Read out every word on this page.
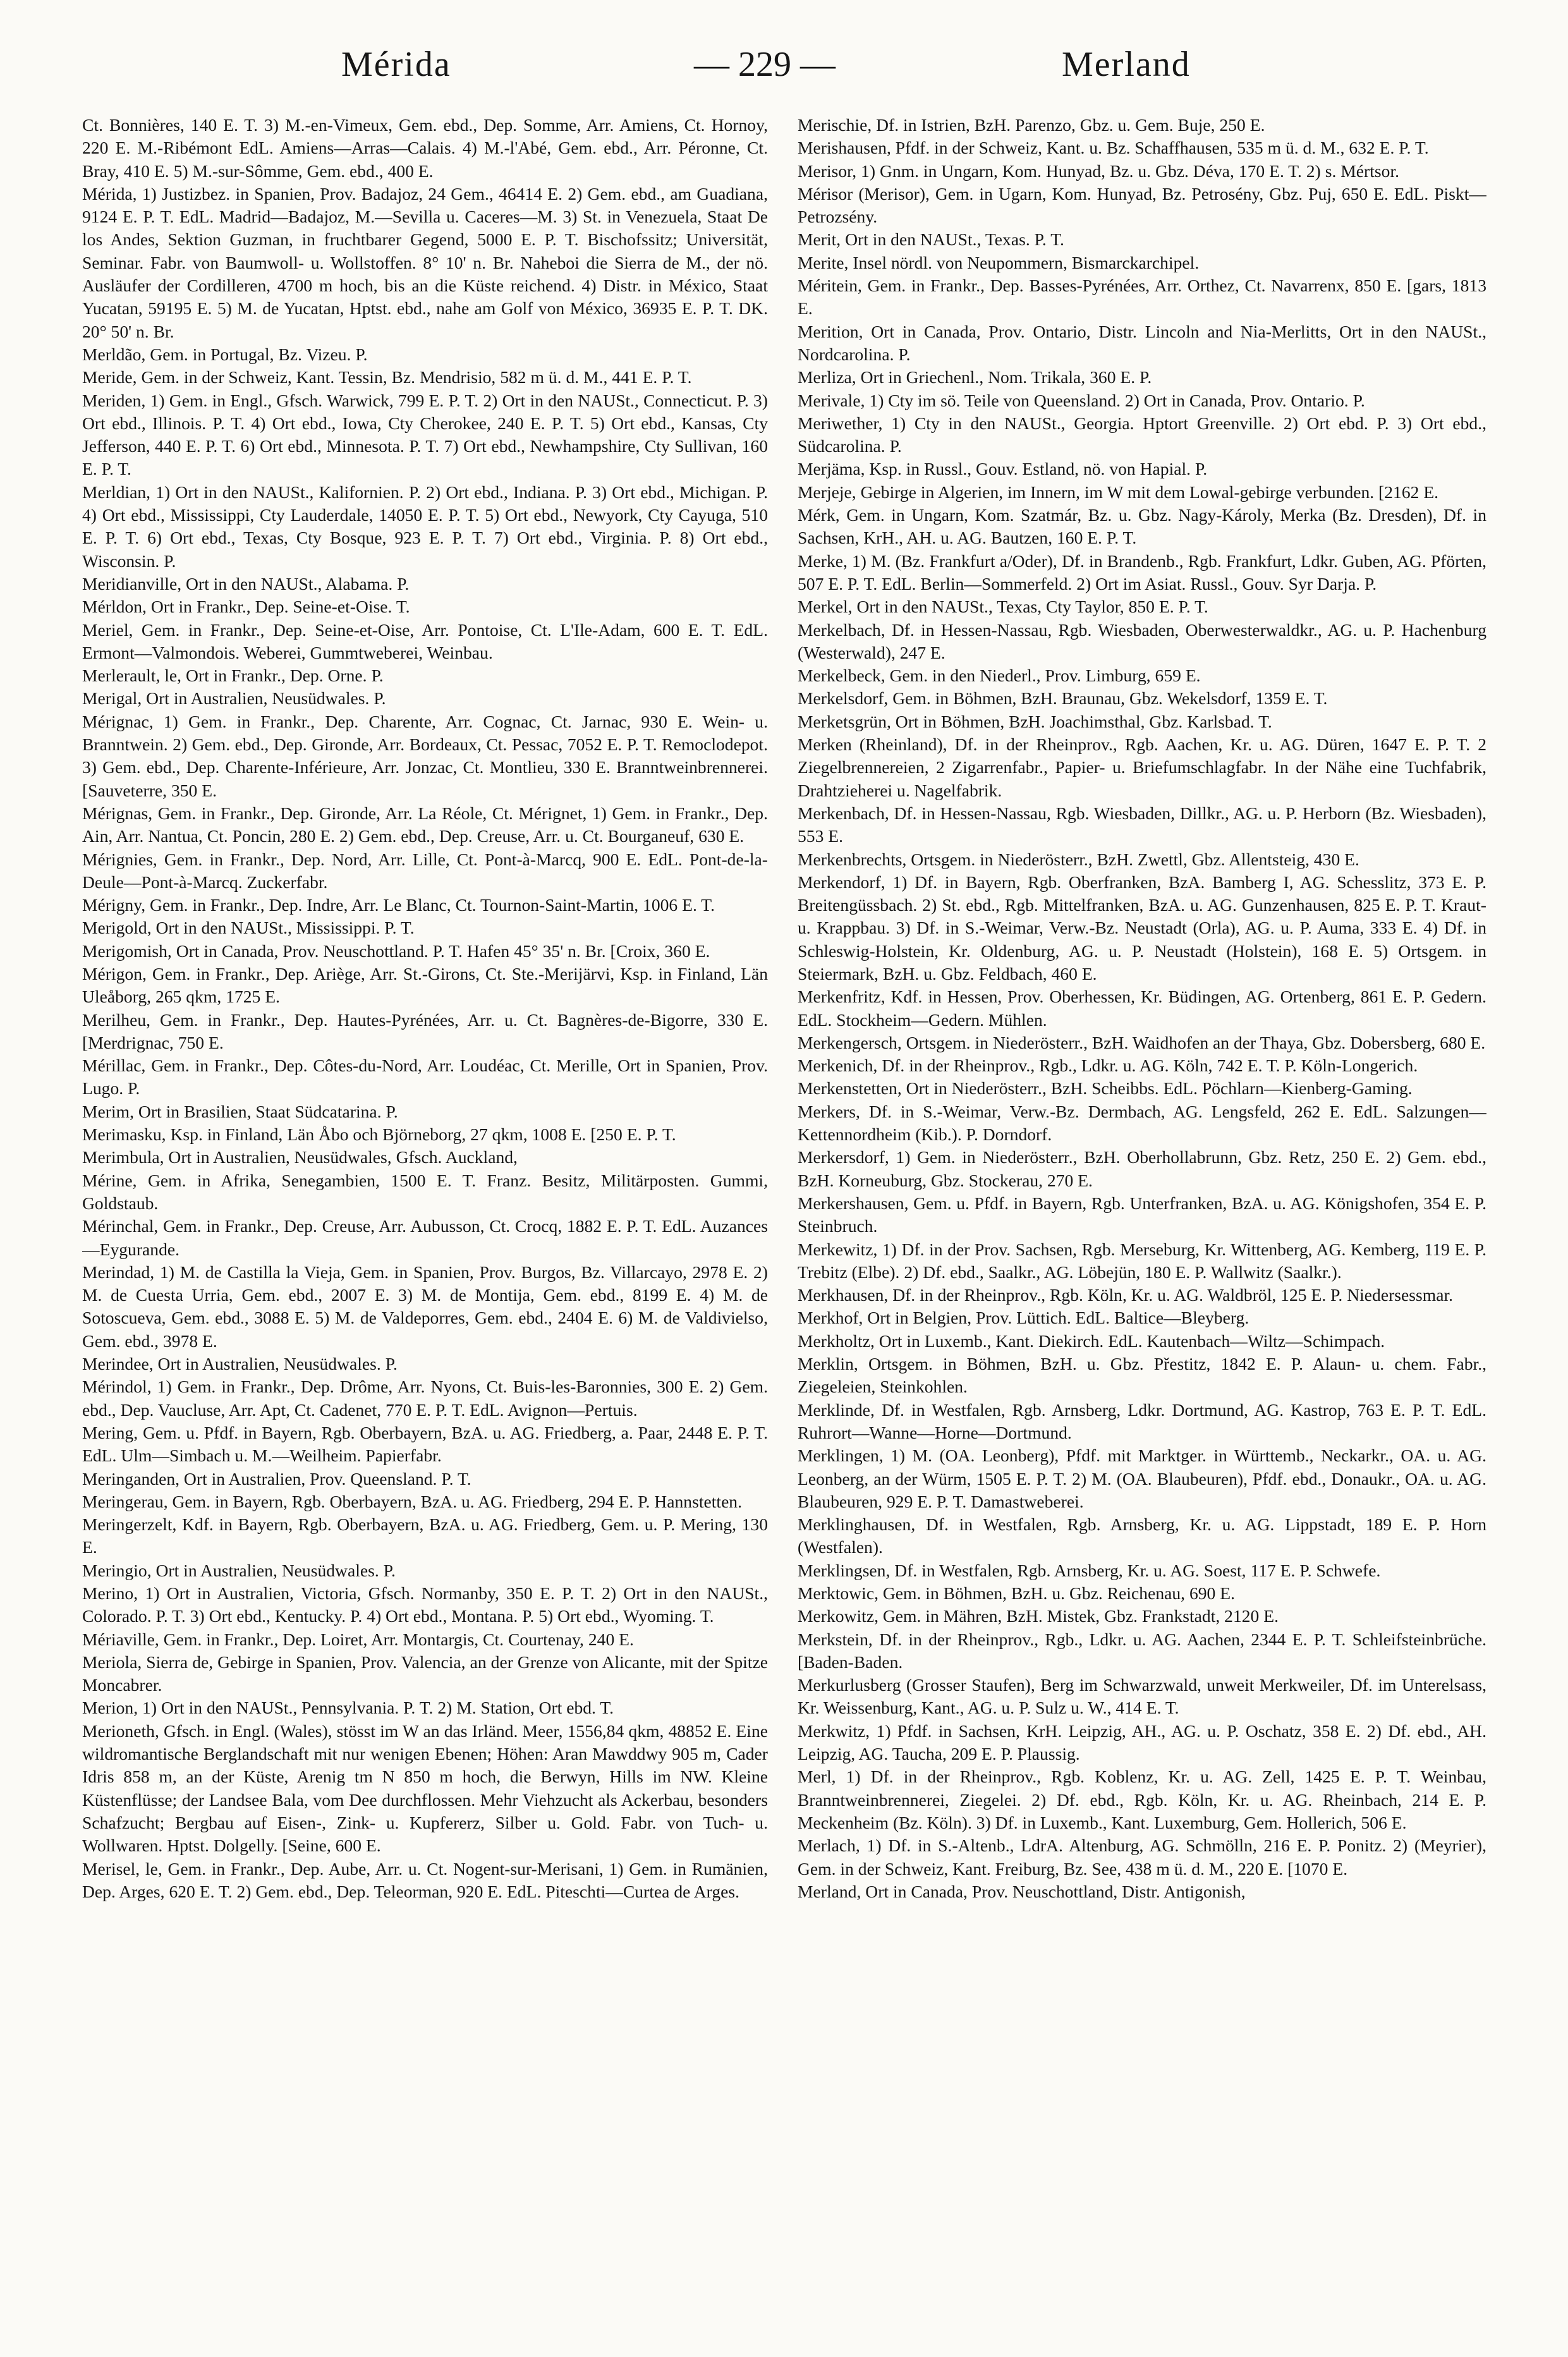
Mérida	— 229 —	Merland

Ct. Bonnières, 140 E. T. 3) M.-en-Vimeux, Gem. ebd., Dep. Somme, Arr. Amiens, Ct. Hornoy, 220 E. M.-Ribémont EdL. Amiens—Arras—Calais. 4) M.-l'Abé, Gem. ebd., Arr. Péronne, Ct. Bray, 410 E. 5) M.-sur-Sômme, Gem. ebd., 400 E.

Mérida, 1) Justizbez. in Spanien, Prov. Badajoz, 24 Gem., 46414 E. 2) Gem. ebd., am Guadiana, 9124 E. P. T. EdL. Madrid—Badajoz, M.—Sevilla u. Caceres—M. 3) St. in Venezuela, Staat De los Andes, Sektion Guzman, in fruchtbarer Gegend, 5000 E. P. T. Bischofssitz; Universität, Seminar. Fabr. von Baumwoll- u. Wollstoffen. 8° 10' n. Br. Naheboi die Sierra de M., der nö. Ausläufer der Cordilleren, 4700 m hoch, bis an die Küste reichend. 4) Distr. in México, Staat Yucatan, 59195 E. 5) M. de Yucatan, Hptst. ebd., nahe am Golf von México, 36935 E. P. T. DK. 20° 50' n. Br.

Merldão, Gem. in Portugal, Bz. Vizeu. P.

Meride, Gem. in der Schweiz, Kant. Tessin, Bz. Mendrisio, 582 m ü. d. M., 441 E. P. T.

Meriden, 1) Gem. in Engl., Gfsch. Warwick, 799 E. P. T. 2) Ort in den NAUSt., Connecticut. P. 3) Ort ebd., Illinois. P. T. 4) Ort ebd., Iowa, Cty Cherokee, 240 E. P. T. 5) Ort ebd., Kansas, Cty Jefferson, 440 E. P. T. 6) Ort ebd., Minnesota. P. T. 7) Ort ebd., Newhampshire, Cty Sullivan, 160 E. P. T.

Merldian, 1) Ort in den NAUSt., Kalifornien. P. 2) Ort ebd., Indiana. P. 3) Ort ebd., Michigan. P. 4) Ort ebd., Mississippi, Cty Lauderdale, 14050 E. P. T. 5) Ort ebd., Newyork, Cty Cayuga, 510 E. P. T. 6) Ort ebd., Texas, Cty Bosque, 923 E. P. T. 7) Ort ebd., Virginia. P. 8) Ort ebd., Wisconsin. P.

Meridianville, Ort in den NAUSt., Alabama. P.

Mérldon, Ort in Frankr., Dep. Seine-et-Oise. T.

Meriel, Gem. in Frankr., Dep. Seine-et-Oise, Arr. Pontoise, Ct. L'Ile-Adam, 600 E. T. EdL. Ermont—Valmondois. Weberei, Gummtweberei, Weinbau.

Merlerault, le, Ort in Frankr., Dep. Orne. P.

Merigal, Ort in Australien, Neusüdwales. P.

Mérignac, 1) Gem. in Frankr., Dep. Charente, Arr. Cognac, Ct. Jarnac, 930 E. Wein- u. Branntwein. 2) Gem. ebd., Dep. Gironde, Arr. Bordeaux, Ct. Pessac, 7052 E. P. T. Remoclodepot. 3) Gem. ebd., Dep. Charente-Inférieure, Arr. Jonzac, Ct. Montlieu, 330 E. Branntweinbrennerei. [Sauveterre, 350 E.

Mérignas, Gem. in Frankr., Dep. Gironde, Arr. La Réole, Ct. Mérignet, 1) Gem. in Frankr., Dep. Ain, Arr. Nantua, Ct. Poncin, 280 E. 2) Gem. ebd., Dep. Creuse, Arr. u. Ct. Bourganeuf, 630 E.

Mérignies, Gem. in Frankr., Dep. Nord, Arr. Lille, Ct. Pont-à-Marcq, 900 E. EdL. Pont-de-la-Deule—Pont-à-Marcq. Zuckerfabr.

Mérigny, Gem. in Frankr., Dep. Indre, Arr. Le Blanc, Ct. Tournon-Saint-Martin, 1006 E. T.

Merigold, Ort in den NAUSt., Mississippi. P. T.

Merigomish, Ort in Canada, Prov. Neuschottland. P. T. Hafen 45° 35' n. Br. [Croix, 360 E.

Mérigon, Gem. in Frankr., Dep. Ariège, Arr. St.-Girons, Ct. Ste.-Merijärvi, Ksp. in Finland, Län Uleåborg, 265 qkm, 1725 E.

Merilheu, Gem. in Frankr., Dep. Hautes-Pyrénées, Arr. u. Ct. Bagnères-de-Bigorre, 330 E. [Merdrignac, 750 E.

Mérillac, Gem. in Frankr., Dep. Côtes-du-Nord, Arr. Loudéac, Ct. Merille, Ort in Spanien, Prov. Lugo. P.

Merim, Ort in Brasilien, Staat Südcatarina. P.

Merimasku, Ksp. in Finland, Län Åbo och Björneborg, 27 qkm, 1008 E. [250 E. P. T.

Merimbula, Ort in Australien, Neusüdwales, Gfsch. Auckland,

Mérine, Gem. in Afrika, Senegambien, 1500 E. T. Franz. Besitz, Militärposten. Gummi, Goldstaub.

Mérinchal, Gem. in Frankr., Dep. Creuse, Arr. Aubusson, Ct. Crocq, 1882 E. P. T. EdL. Auzances—Eygurande.

Merindad, 1) M. de Castilla la Vieja, Gem. in Spanien, Prov. Burgos, Bz. Villarcayo, 2978 E. 2) M. de Cuesta Urria, Gem. ebd., 2007 E. 3) M. de Montija, Gem. ebd., 8199 E. 4) M. de Sotoscueva, Gem. ebd., 3088 E. 5) M. de Valdeporres, Gem. ebd., 2404 E. 6) M. de Valdivielso, Gem. ebd., 3978 E.

Merindee, Ort in Australien, Neusüdwales. P.

Mérindol, 1) Gem. in Frankr., Dep. Drôme, Arr. Nyons, Ct. Buis-les-Baronnies, 300 E. 2) Gem. ebd., Dep. Vaucluse, Arr. Apt, Ct. Cadenet, 770 E. P. T. EdL. Avignon—Pertuis.

Mering, Gem. u. Pfdf. in Bayern, Rgb. Oberbayern, BzA. u. AG. Friedberg, a. Paar, 2448 E. P. T. EdL. Ulm—Simbach u. M.—Weilheim. Papierfabr.

Meringanden, Ort in Australien, Prov. Queensland. P. T.

Meringerau, Gem. in Bayern, Rgb. Oberbayern, BzA. u. AG. Friedberg, 294 E. P. Hannstetten.

Meringerzelt, Kdf. in Bayern, Rgb. Oberbayern, BzA. u. AG. Friedberg, Gem. u. P. Mering, 130 E.

Meringio, Ort in Australien, Neusüdwales. P.

Merino, 1) Ort in Australien, Victoria, Gfsch. Normanby, 350 E. P. T. 2) Ort in den NAUSt., Colorado. P. T. 3) Ort ebd., Kentucky. P. 4) Ort ebd., Montana. P. 5) Ort ebd., Wyoming. T.

Mériaville, Gem. in Frankr., Dep. Loiret, Arr. Montargis, Ct. Courtenay, 240 E.

Meriola, Sierra de, Gebirge in Spanien, Prov. Valencia, an der Grenze von Alicante, mit der Spitze Moncabrer.

Merion, 1) Ort in den NAUSt., Pennsylvania. P. T. 2) M. Station, Ort ebd. T.

Merioneth, Gfsch. in Engl. (Wales), stösst im W an das Irländ. Meer, 1556,84 qkm, 48852 E. Eine wildromantische Berglandschaft mit nur wenigen Ebenen; Höhen: Aran Mawddwy 905 m, Cader Idris 858 m, an der Küste, Arenig tm N 850 m hoch, die Berwyn, Hills im NW. Kleine Küstenflüsse; der Landsee Bala, vom Dee durchflossen. Mehr Viehzucht als Ackerbau, besonders Schafzucht; Bergbau auf Eisen-, Zink- u. Kupfererz, Silber u. Gold. Fabr. von Tuch- u. Wollwaren. Hptst. Dolgelly. [Seine, 600 E.

Merisel, le, Gem. in Frankr., Dep. Aube, Arr. u. Ct. Nogent-sur-Merisani, 1) Gem. in Rumänien, Dep. Arges, 620 E. T. 2) Gem. ebd., Dep. Teleorman, 920 E. EdL. Piteschti—Curtea de Arges.

Merischie, Df. in Istrien, BzH. Parenzo, Gbz. u. Gem. Buje, 250 E.

Merishausen, Pfdf. in der Schweiz, Kant. u. Bz. Schaffhausen, 535 m ü. d. M., 632 E. P. T.

Merisor, 1) Gnm. in Ungarn, Kom. Hunyad, Bz. u. Gbz. Déva, 170 E. T. 2) s. Mértsor.

Mérisor (Merisor), Gem. in Ugarn, Kom. Hunyad, Bz. Petrosény, Gbz. Puj, 650 E. EdL. Piskt—Petrozsény.

Merit, Ort in den NAUSt., Texas. P. T.

Merite, Insel nördl. von Neupommern, Bismarckarchipel.

Méritein, Gem. in Frankr., Dep. Basses-Pyrénées, Arr. Orthez, Ct. Navarrenx, 850 E. [gars, 1813 E.

Merition, Ort in Canada, Prov. Ontario, Distr. Lincoln and Nia-Merlitts, Ort in den NAUSt., Nordcarolina. P.

Merliza, Ort in Griechenl., Nom. Trikala, 360 E. P.

Merivale, 1) Cty im sö. Teile von Queensland. 2) Ort in Canada, Prov. Ontario. P.

Meriwether, 1) Cty in den NAUSt., Georgia. Hptort Greenville. 2) Ort ebd. P. 3) Ort ebd., Südcarolina. P.

Merjäma, Ksp. in Russl., Gouv. Estland, nö. von Hapial. P.

Merjeje, Gebirge in Algerien, im Innern, im W mit dem Lowal-gebirge verbunden. [2162 E.

Mérk, Gem. in Ungarn, Kom. Szatmár, Bz. u. Gbz. Nagy-Károly, Merka (Bz. Dresden), Df. in Sachsen, KrH., AH. u. AG. Bautzen, 160 E. P. T.

Merke, 1) M. (Bz. Frankfurt a/Oder), Df. in Brandenb., Rgb. Frankfurt, Ldkr. Guben, AG. Pförten, 507 E. P. T. EdL. Berlin—Sommerfeld. 2) Ort im Asiat. Russl., Gouv. Syr Darja. P.

Merkel, Ort in den NAUSt., Texas, Cty Taylor, 850 E. P. T.

Merkelbach, Df. in Hessen-Nassau, Rgb. Wiesbaden, Oberwesterwaldkr., AG. u. P. Hachenburg (Westerwald), 247 E.

Merkelbeck, Gem. in den Niederl., Prov. Limburg, 659 E.

Merkelsdorf, Gem. in Böhmen, BzH. Braunau, Gbz. Wekelsdorf, 1359 E. T.

Merketsgrün, Ort in Böhmen, BzH. Joachimsthal, Gbz. Karlsbad. T.

Merken (Rheinland), Df. in der Rheinprov., Rgb. Aachen, Kr. u. AG. Düren, 1647 E. P. T. 2 Ziegelbrennereien, 2 Zigarrenfabr., Papier- u. Briefumschlagfabr. In der Nähe eine Tuchfabrik, Drahtzieherei u. Nagelfabrik.

Merkenbach, Df. in Hessen-Nassau, Rgb. Wiesbaden, Dillkr., AG. u. P. Herborn (Bz. Wiesbaden), 553 E.

Merkenbrechts, Ortsgem. in Niederösterr., BzH. Zwettl, Gbz. Allentsteig, 430 E.

Merkendorf, 1) Df. in Bayern, Rgb. Oberfranken, BzA. Bamberg I, AG. Schesslitz, 373 E. P. Breitengüssbach. 2) St. ebd., Rgb. Mittelfranken, BzA. u. AG. Gunzenhausen, 825 E. P. T. Kraut- u. Krappbau. 3) Df. in S.-Weimar, Verw.-Bz. Neustadt (Orla), AG. u. P. Auma, 333 E. 4) Df. in Schleswig-Holstein, Kr. Oldenburg, AG. u. P. Neustadt (Holstein), 168 E. 5) Ortsgem. in Steiermark, BzH. u. Gbz. Feldbach, 460 E.

Merkenfritz, Kdf. in Hessen, Prov. Oberhessen, Kr. Büdingen, AG. Ortenberg, 861 E. P. Gedern. EdL. Stockheim—Gedern. Mühlen.

Merkengersch, Ortsgem. in Niederösterr., BzH. Waidhofen an der Thaya, Gbz. Dobersberg, 680 E.

Merkenich, Df. in der Rheinprov., Rgb., Ldkr. u. AG. Köln, 742 E. T. P. Köln-Longerich.

Merkenstetten, Ort in Niederösterr., BzH. Scheibbs. EdL. Pöchlarn—Kienberg-Gaming.

Merkers, Df. in S.-Weimar, Verw.-Bz. Dermbach, AG. Lengsfeld, 262 E. EdL. Salzungen—Kettennordheim (Kib.). P. Dorndorf.

Merkersdorf, 1) Gem. in Niederösterr., BzH. Oberhollabrunn, Gbz. Retz, 250 E. 2) Gem. ebd., BzH. Korneuburg, Gbz. Stockerau, 270 E.

Merkershausen, Gem. u. Pfdf. in Bayern, Rgb. Unterfranken, BzA. u. AG. Königshofen, 354 E. P. Steinbruch.

Merkewitz, 1) Df. in der Prov. Sachsen, Rgb. Merseburg, Kr. Wittenberg, AG. Kemberg, 119 E. P. Trebitz (Elbe). 2) Df. ebd., Saalkr., AG. Löbejün, 180 E. P. Wallwitz (Saalkr.).

Merkhausen, Df. in der Rheinprov., Rgb. Köln, Kr. u. AG. Waldbröl, 125 E. P. Niedersessmar.

Merkhof, Ort in Belgien, Prov. Lüttich. EdL. Baltice—Bleyberg.

Merkholtz, Ort in Luxemb., Kant. Diekirch. EdL. Kautenbach—Wiltz—Schimpach.

Merklin, Ortsgem. in Böhmen, BzH. u. Gbz. Přestitz, 1842 E. P. Alaun- u. chem. Fabr., Ziegeleien, Steinkohlen.

Merklinde, Df. in Westfalen, Rgb. Arnsberg, Ldkr. Dortmund, AG. Kastrop, 763 E. P. T. EdL. Ruhrort—Wanne—Horne—Dortmund.

Merklingen, 1) M. (OA. Leonberg), Pfdf. mit Marktger. in Württemb., Neckarkr., OA. u. AG. Leonberg, an der Würm, 1505 E. P. T. 2) M. (OA. Blaubeuren), Pfdf. ebd., Donaukr., OA. u. AG. Blaubeuren, 929 E. P. T. Damastweberei.

Merklinghausen, Df. in Westfalen, Rgb. Arnsberg, Kr. u. AG. Lippstadt, 189 E. P. Horn (Westfalen).

Merklingsen, Df. in Westfalen, Rgb. Arnsberg, Kr. u. AG. Soest, 117 E. P. Schwefe.

Merktowic, Gem. in Böhmen, BzH. u. Gbz. Reichenau, 690 E.

Merkowitz, Gem. in Mähren, BzH. Mistek, Gbz. Frankstadt, 2120 E.

Merkstein, Df. in der Rheinprov., Rgb., Ldkr. u. AG. Aachen, 2344 E. P. T. Schleifsteinbrüche. [Baden-Baden.

Merkurlusberg (Grosser Staufen), Berg im Schwarzwald, unweit Merkweiler, Df. im Unterelsass, Kr. Weissenburg, Kant., AG. u. P. Sulz u. W., 414 E. T.

Merkwitz, 1) Pfdf. in Sachsen, KrH. Leipzig, AH., AG. u. P. Oschatz, 358 E. 2) Df. ebd., AH. Leipzig, AG. Taucha, 209 E. P. Plaussig.

Merl, 1) Df. in der Rheinprov., Rgb. Koblenz, Kr. u. AG. Zell, 1425 E. P. T. Weinbau, Branntweinbrennerei, Ziegelei. 2) Df. ebd., Rgb. Köln, Kr. u. AG. Rheinbach, 214 E. P. Meckenheim (Bz. Köln). 3) Df. in Luxemb., Kant. Luxemburg, Gem. Hollerich, 506 E.

Merlach, 1) Df. in S.-Altenb., LdrA. Altenburg, AG. Schmölln, 216 E. P. Ponitz. 2) (Meyrier), Gem. in der Schweiz, Kant. Freiburg, Bz. See, 438 m ü. d. M., 220 E. [1070 E.

Merland, Ort in Canada, Prov. Neuschottland, Distr. Antigonish,
